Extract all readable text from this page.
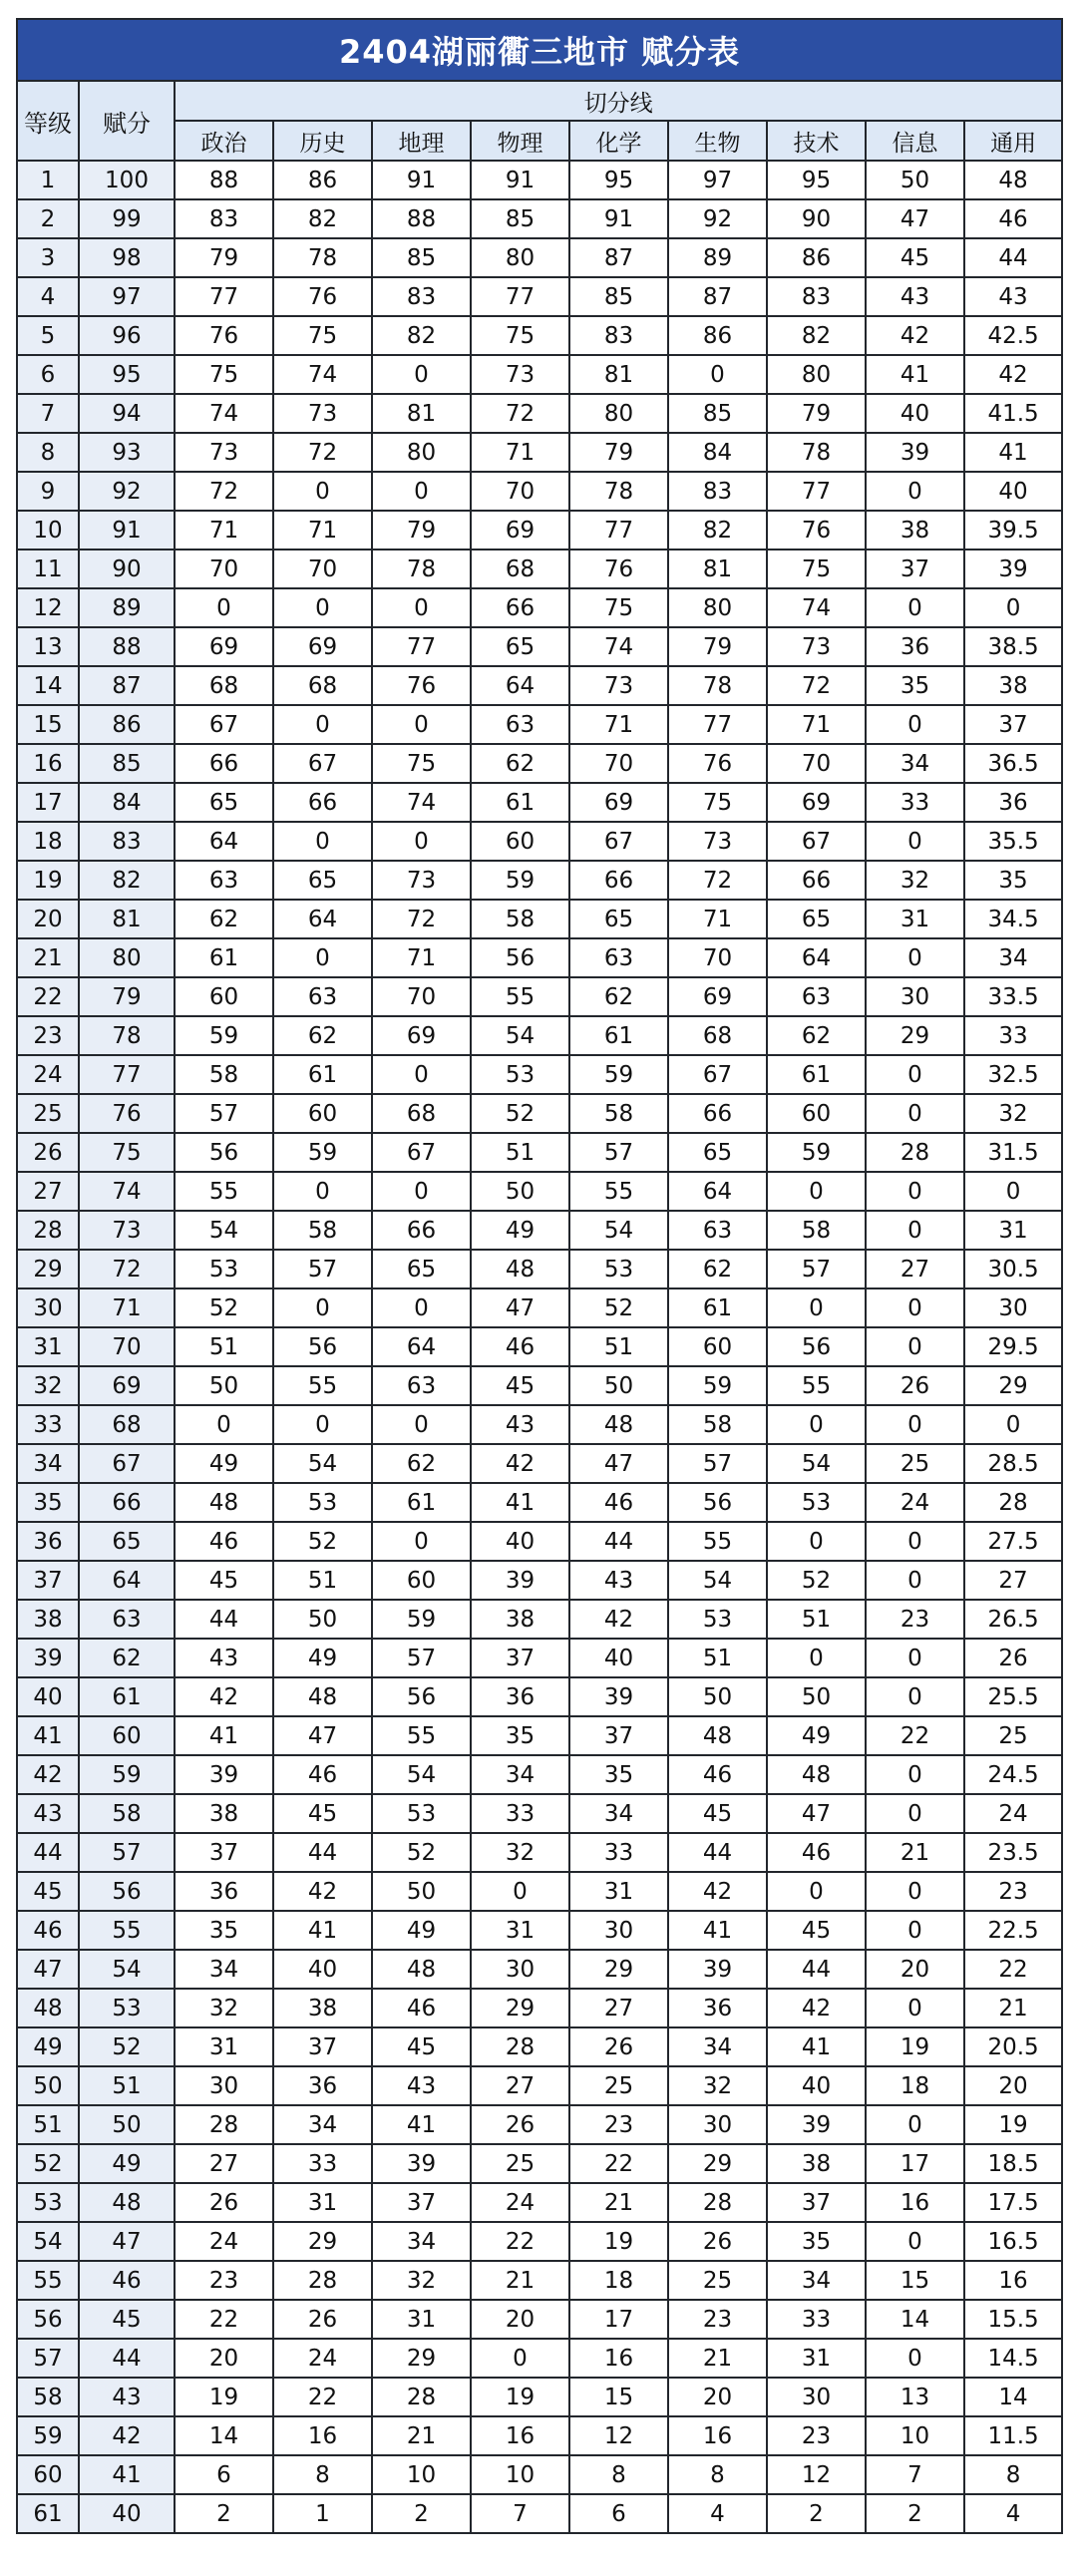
2404湖丽衢三地市 赋分表										
等级	赋分	切分线								
		政治	历史	地理	物理	化学	生物	技术	信息	通用
1	100	88	86	91	91	95	97	95	50	48
2	99	83	82	88	85	91	92	90	47	46
3	98	79	78	85	80	87	89	86	45	44
4	97	77	76	83	77	85	87	83	43	43
5	96	76	75	82	75	83	86	82	42	42.5
6	95	75	74	0	73	81	0	80	41	42
7	94	74	73	81	72	80	85	79	40	41.5
8	93	73	72	80	71	79	84	78	39	41
9	92	72	0	0	70	78	83	77	0	40
10	91	71	71	79	69	77	82	76	38	39.5
11	90	70	70	78	68	76	81	75	37	39
12	89	0	0	0	66	75	80	74	0	0
13	88	69	69	77	65	74	79	73	36	38.5
14	87	68	68	76	64	73	78	72	35	38
15	86	67	0	0	63	71	77	71	0	37
16	85	66	67	75	62	70	76	70	34	36.5
17	84	65	66	74	61	69	75	69	33	36
18	83	64	0	0	60	67	73	67	0	35.5
19	82	63	65	73	59	66	72	66	32	35
20	81	62	64	72	58	65	71	65	31	34.5
21	80	61	0	71	56	63	70	64	0	34
22	79	60	63	70	55	62	69	63	30	33.5
23	78	59	62	69	54	61	68	62	29	33
24	77	58	61	0	53	59	67	61	0	32.5
25	76	57	60	68	52	58	66	60	0	32
26	75	56	59	67	51	57	65	59	28	31.5
27	74	55	0	0	50	55	64	0	0	0
28	73	54	58	66	49	54	63	58	0	31
29	72	53	57	65	48	53	62	57	27	30.5
30	71	52	0	0	47	52	61	0	0	30
31	70	51	56	64	46	51	60	56	0	29.5
32	69	50	55	63	45	50	59	55	26	29
33	68	0	0	0	43	48	58	0	0	0
34	67	49	54	62	42	47	57	54	25	28.5
35	66	48	53	61	41	46	56	53	24	28
36	65	46	52	0	40	44	55	0	0	27.5
37	64	45	51	60	39	43	54	52	0	27
38	63	44	50	59	38	42	53	51	23	26.5
39	62	43	49	57	37	40	51	0	0	26
40	61	42	48	56	36	39	50	50	0	25.5
41	60	41	47	55	35	37	48	49	22	25
42	59	39	46	54	34	35	46	48	0	24.5
43	58	38	45	53	33	34	45	47	0	24
44	57	37	44	52	32	33	44	46	21	23.5
45	56	36	42	50	0	31	42	0	0	23
46	55	35	41	49	31	30	41	45	0	22.5
47	54	34	40	48	30	29	39	44	20	22
48	53	32	38	46	29	27	36	42	0	21
49	52	31	37	45	28	26	34	41	19	20.5
50	51	30	36	43	27	25	32	40	18	20
51	50	28	34	41	26	23	30	39	0	19
52	49	27	33	39	25	22	29	38	17	18.5
53	48	26	31	37	24	21	28	37	16	17.5
54	47	24	29	34	22	19	26	35	0	16.5
55	46	23	28	32	21	18	25	34	15	16
56	45	22	26	31	20	17	23	33	14	15.5
57	44	20	24	29	0	16	21	31	0	14.5
58	43	19	22	28	19	15	20	30	13	14
59	42	14	16	21	16	12	16	23	10	11.5
60	41	6	8	10	10	8	8	12	7	8
61	40	2	1	2	7	6	4	2	2	4
